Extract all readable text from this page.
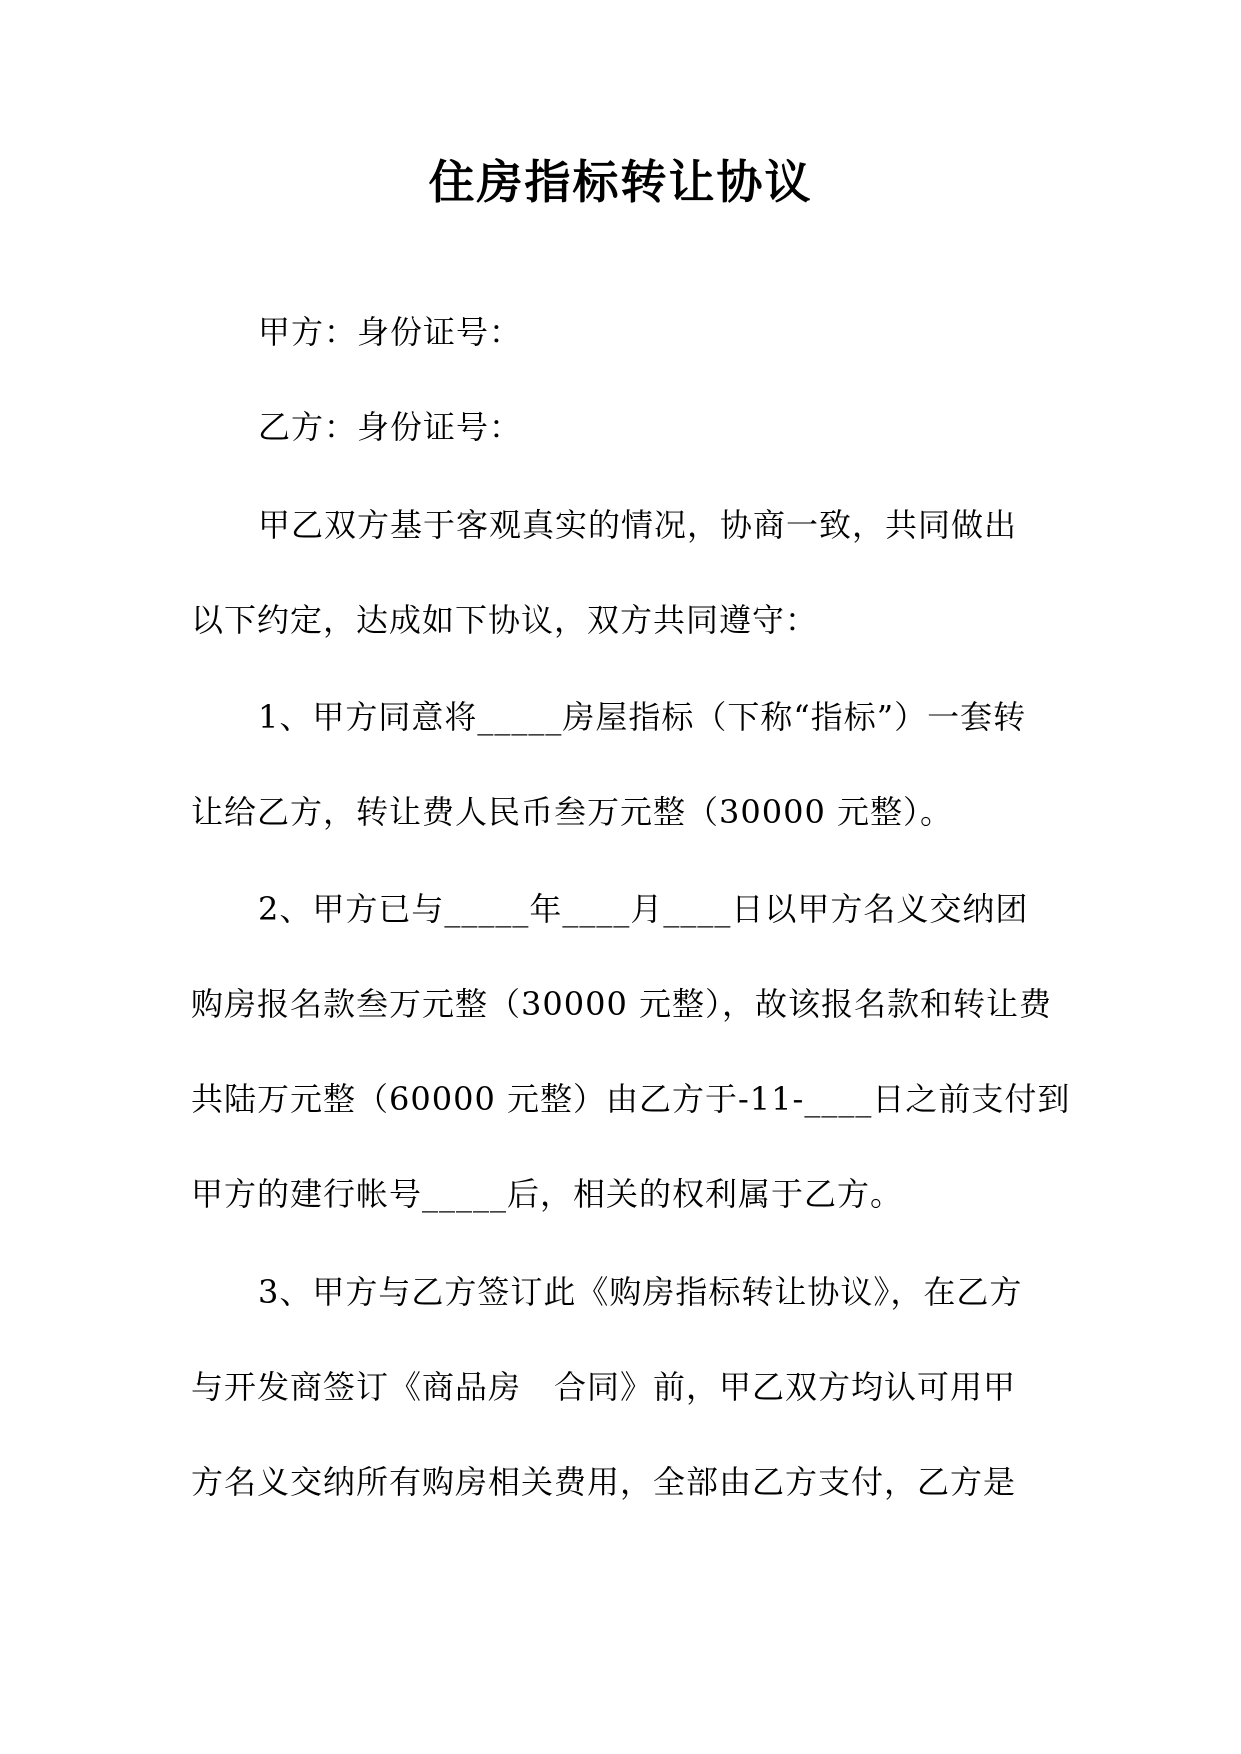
住房指标转让协议

甲方：身份证号：

乙方：身份证号：

甲乙双方基于客观真实的情况，协商一致，共同做出

以下约定，达成如下协议，双方共同遵守：

1、甲方同意将_____房屋指标（下称“指标”）一套转

让给乙方，转让费人民币叁万元整（30000 元整）。

2、甲方已与_____年____月____日以甲方名义交纳团

购房报名款叁万元整（30000 元整），故该报名款和转让费

共陆万元整（60000 元整）由乙方于-11-____日之前支付到

甲方的建行帐号_____后，相关的权利属于乙方。

3、甲方与乙方签订此《购房指标转让协议》，在乙方

与开发商签订《商品房　合同》前，甲乙双方均认可用甲

方名义交纳所有购房相关费用，全部由乙方支付，乙方是
